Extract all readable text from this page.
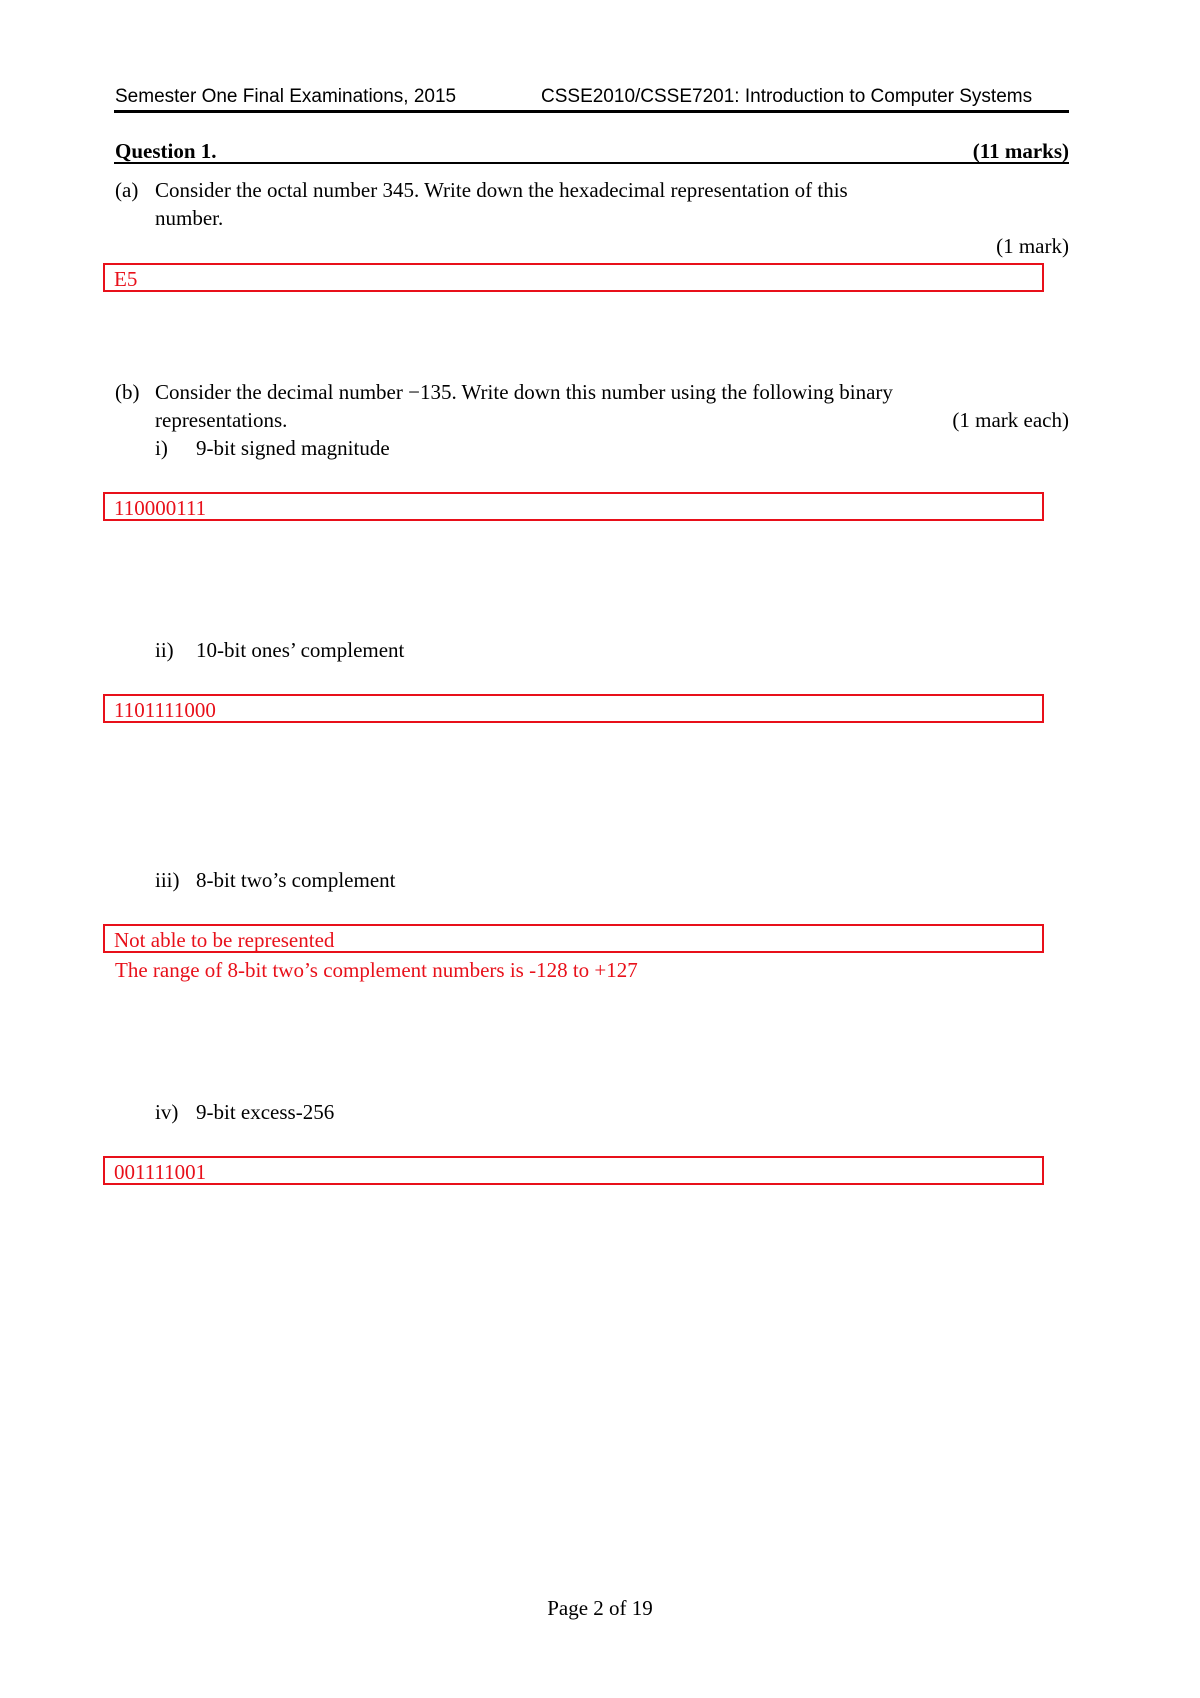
Semester One Final Examinations, 2015	CSSE2010/CSSE7201: Introduction to Computer Systems
Question 1.	(11 marks)
(a) Consider the octal number 345. Write down the hexadecimal representation of this
number.
(1 mark)
E5
(b) Consider the decimal number −135. Write down this number using the following binary
representations.	(1 mark each)
i) 9-bit signed magnitude
110000111
ii) 10-bit ones’ complement
1101111000
iii) 8-bit two’s complement
Not able to be represented
The range of 8-bit two’s complement numbers is -128 to +127
iv) 9-bit excess-256
001111001
Page 2 of 19
